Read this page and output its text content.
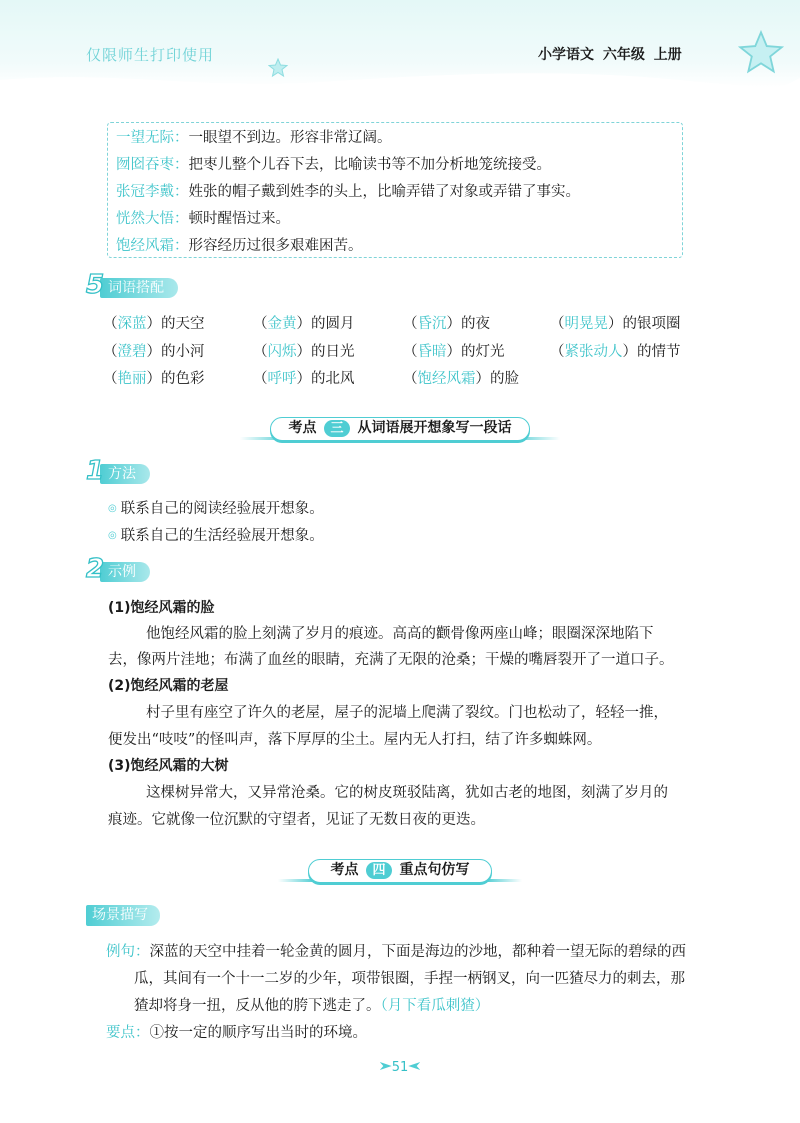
仅限师生打印使用	小学语文 六年级 上册
一望无际：一眼望不到边。形容非常辽阔。
囫囵吞枣：把枣儿整个儿吞下去，比喻读书等不加分析地笼统接受。
张冠李戴：姓张的帽子戴到姓李的头上，比喻弄错了对象或弄错了事实。
恍然大悟：顿时醒悟过来。
饱经风霜：形容经历过很多艰难困苦。
词语搭配
5
（深蓝）的天空	（金黄）的圆月	（昏沉）的夜	（明晃晃）的银项圈
（澄碧）的小河	（闪烁）的日光	（昏暗）的灯光	（紧张动人）的情节
（艳丽）的色彩	（呼呼）的北风	（饱经风霜）的脸
考点 三 从词语展开想象写一段话
方法
1
◎ 联系自己的阅读经验展开想象。
◎ 联系自己的生活经验展开想象。
示例
2
(1)饱经风霜的脸
他饱经风霜的脸上刻满了岁月的痕迹。高高的颧骨像两座山峰；眼圈深深地陷下
去，像两片洼地；布满了血丝的眼睛，充满了无限的沧桑；干燥的嘴唇裂开了一道口子。
(2)饱经风霜的老屋
村子里有座空了许久的老屋，屋子的泥墙上爬满了裂纹。门也松动了，轻轻一推，
便发出“吱吱”的怪叫声，落下厚厚的尘土。屋内无人打扫，结了许多蜘蛛网。
(3)饱经风霜的大树
这棵树异常大，又异常沧桑。它的树皮斑驳陆离，犹如古老的地图，刻满了岁月的
痕迹。它就像一位沉默的守望者，见证了无数日夜的更迭。
考点 四 重点句仿写
场景描写
例句：深蓝的天空中挂着一轮金黄的圆月，下面是海边的沙地，都种着一望无际的碧绿的西
瓜，其间有一个十一二岁的少年，项带银圈，手捏一柄钢叉，向一匹猹尽力的刺去，那
猹却将身一扭，反从他的胯下逃走了。（月下看瓜刺猹）
要点：①按一定的顺序写出当时的环境。
51
